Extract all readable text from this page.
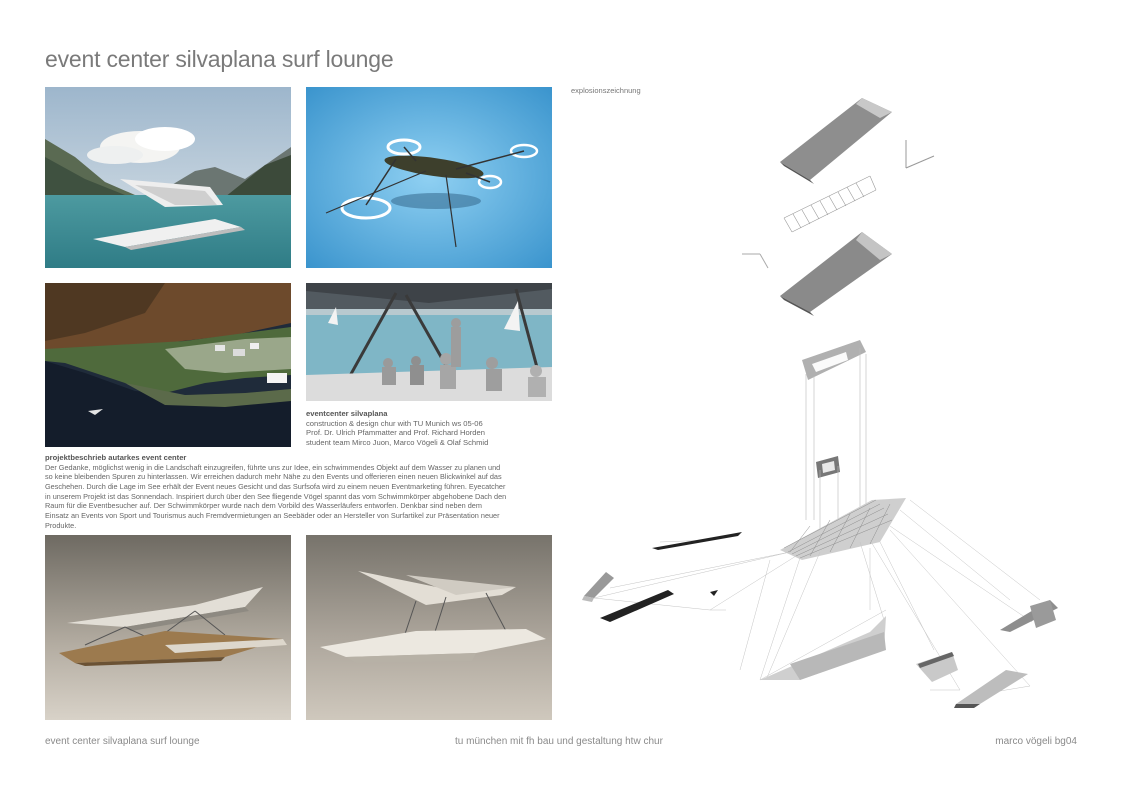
event center silvaplana surf lounge
eventcenter silvaplana
construction & design chur with TU Munich ws 05-06
Prof. Dr. Ulrich Pfammatter and Prof. Richard Horden
student team Mirco Juon, Marco Vögeli & Olaf Schmid
projektbeschrieb autarkes event center
Der Gedanke, möglichst wenig in die Landschaft einzugreifen, führte uns zur Idee, ein schwimmendes Objekt auf dem Wasser zu planen und
so keine bleibenden Spuren zu hinterlassen. Wir erreichen dadurch mehr Nähe zu den Events und offerieren einen neuen Blickwinkel auf das
Geschehen. Durch die Lage im See erhält der Event neues Gesicht und das Surfsofa wird zu einem neuen Eventmarketing führen. Eyecatcher
in unserem Projekt ist das Sonnendach. Inspiriert durch über den See fliegende Vögel spannt das vom Schwimmkörper abgehobene Dach den
Raum für die Eventbesucher auf. Der Schwimmkörper wurde nach dem Vorbild des Wasserläufers entworfen. Denkbar sind neben dem
Einsatz an Events von Sport und Tourismus auch Fremdvermietungen an Seebäder oder an Hersteller von Surfartikel zur Präsentation neuer
Produkte.
explosionszeichnung
event center silvaplana surf lounge	tu münchen mit fh bau und gestaltung htw chur	marco vögeli bg04
